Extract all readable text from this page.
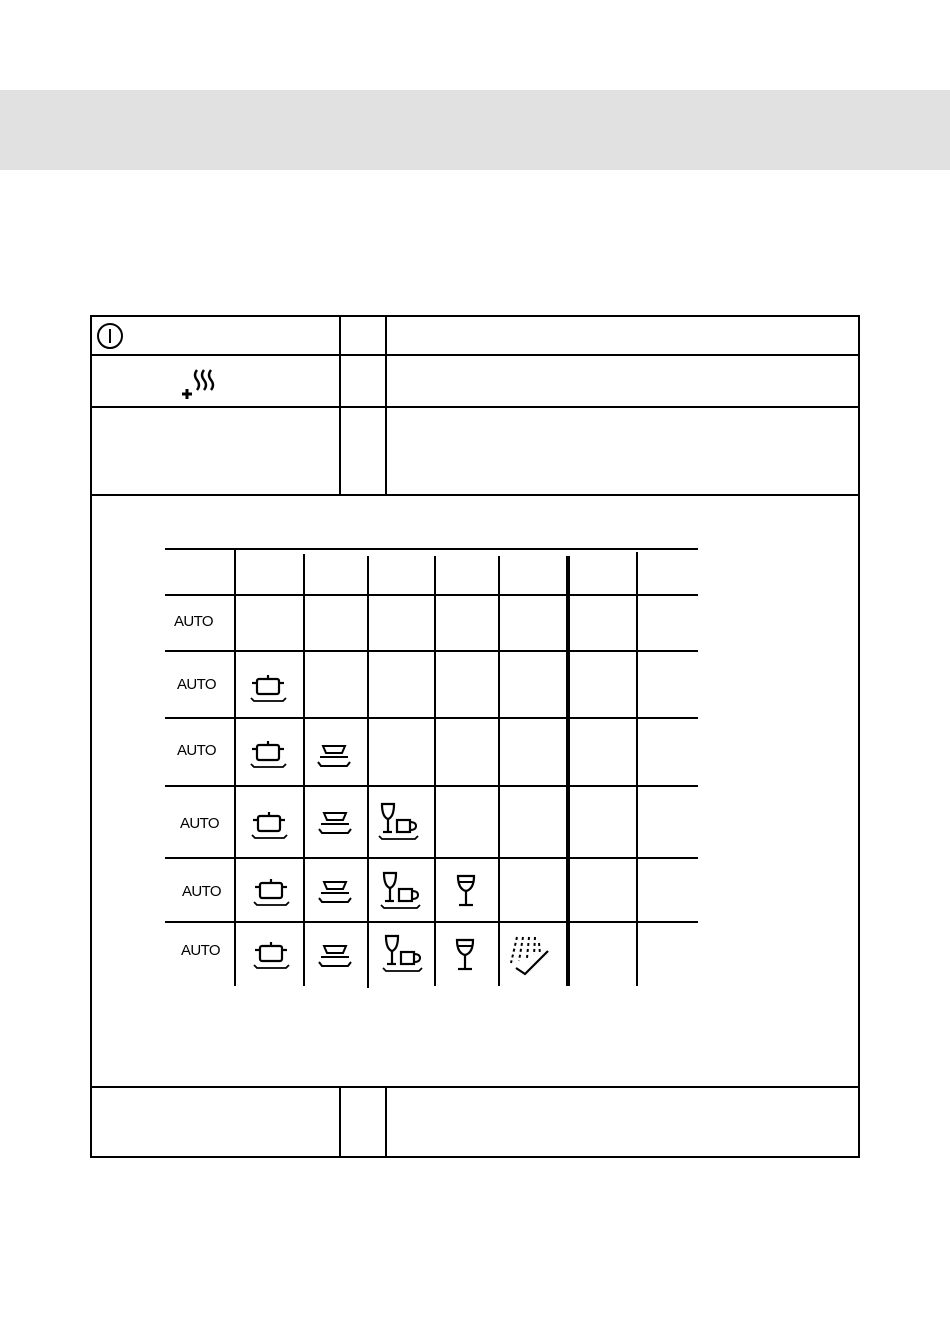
AUTO
AUTO
AUTO
AUTO
AUTO
AUTO
